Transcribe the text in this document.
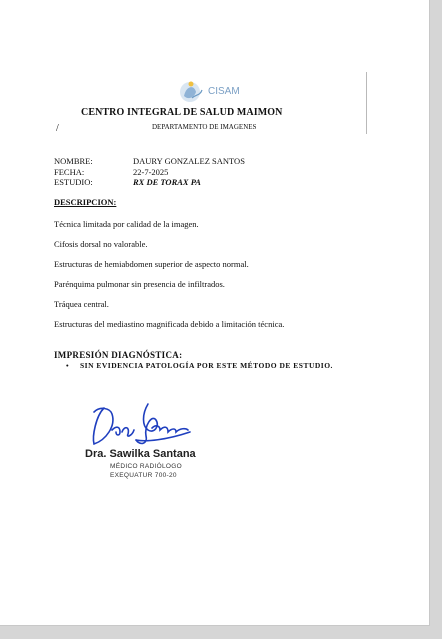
CISAM
CENTRO INTEGRAL DE SALUD MAIMON
/	DEPARTAMENTO DE IMAGENES
NOMBRE:	DAURY GONZALEZ SANTOS
FECHA:	22-7-2025
ESTUDIO:	RX DE TORAX PA
DESCRIPCION:
Técnica limitada por calidad de la imagen.
Cifosis dorsal no valorable.
Estructuras de hemiabdomen superior de aspecto normal.
Parénquima pulmonar sin presencia de infiltrados.
Tráquea central.
Estructuras del mediastino magnificada debido a limitación técnica.
IMPRESIÓN DIAGNÓSTICA:
• SIN EVIDENCIA PATOLOGÍA POR ESTE MÉTODO DE ESTUDIO.
Dra. Sawilka Santana
MÉDICO RADIÓLOGO
EXEQUATUR 700-20
